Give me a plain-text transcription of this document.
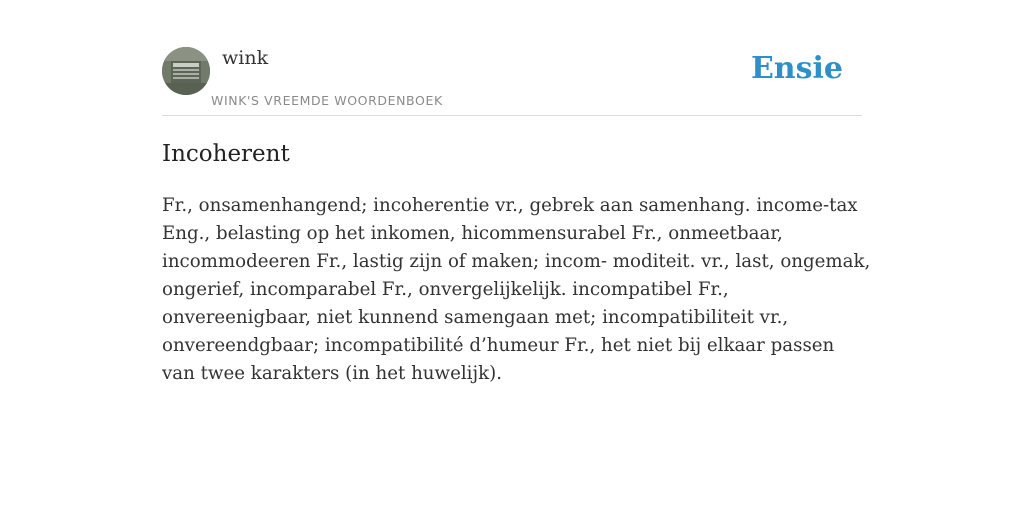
wink
WINK'S VREEMDE WOORDENBOEK
Ensie
Incoherent

Fr., onsamenhangend; incoherentie vr., gebrek aan samenhang. income-tax Eng., belasting op het inkomen, hicommensurabel Fr., onmeetbaar, incommodeeren Fr., lastig zijn of maken; incom- moditeit. vr., last, ongemak, ongerief, incomparabel Fr., onvergelijkelijk. incompatibel Fr., onvereenigbaar, niet kunnend samengaan met; incompatibiliteit vr., onvereendgbaar; incompatibilité d’humeur Fr., het niet bij elkaar passen van twee karakters (in het huwelijk).
